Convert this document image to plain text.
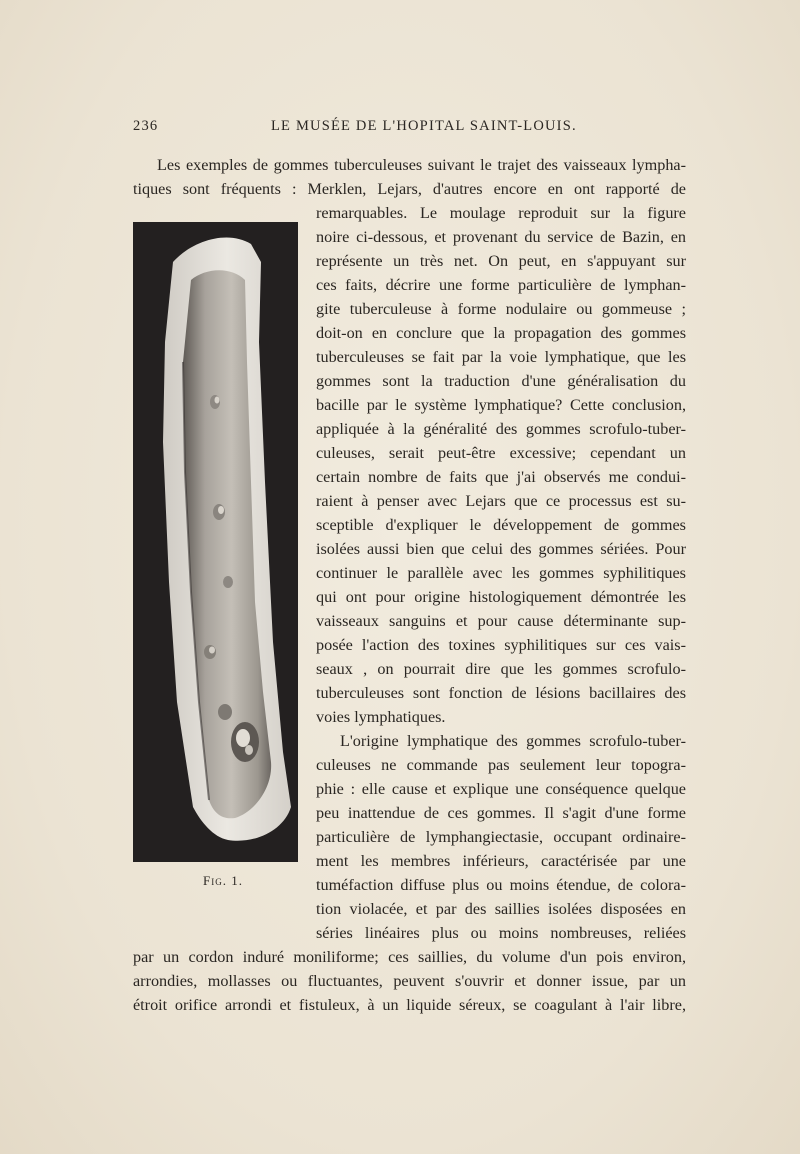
236	LE MUSÉE DE L'HOPITAL SAINT-LOUIS.
Les exemples de gommes tuberculeuses suivant le trajet des vaisseaux lympha-
tiques sont fréquents : Merklen, Lejars, d'autres encore en ont rapporté de
remarquables. Le moulage reproduit sur la figure
noire ci-dessous, et provenant du service de Bazin, en
représente un très net. On peut, en s'appuyant sur
ces faits, décrire une forme particulière de lymphan-
gite tuberculeuse à forme nodulaire ou gommeuse ;
doit-on en conclure que la propagation des gommes
tuberculeuses se fait par la voie lymphatique, que les
gommes sont la traduction d'une généralisation du
bacille par le système lymphatique? Cette conclusion,
appliquée à la généralité des gommes scrofulo-tuber-
culeuses, serait peut-être excessive; cependant un
certain nombre de faits que j'ai observés me condui-
raient à penser avec Lejars que ce processus est su-
sceptible d'expliquer le développement de gommes
isolées aussi bien que celui des gommes sériées. Pour
continuer le parallèle avec les gommes syphilitiques
qui ont pour origine histologiquement démontrée les
vaisseaux sanguins et pour cause déterminante sup-
posée l'action des toxines syphilitiques sur ces vais-
seaux , on pourrait dire que les gommes scrofulo-
tuberculeuses sont fonction de lésions bacillaires des
voies lymphatiques.
L'origine lymphatique des gommes scrofulo-tuber-
culeuses ne commande pas seulement leur topogra-
phie : elle cause et explique une conséquence quelque
peu inattendue de ces gommes. Il s'agit d'une forme
particulière de lymphangiectasie, occupant ordinaire-
ment les membres inférieurs, caractérisée par une
tuméfaction diffuse plus ou moins étendue, de colora-
tion violacée, et par des saillies isolées disposées en
séries linéaires plus ou moins nombreuses, reliées
par un cordon induré moniliforme; ces saillies, du volume d'un pois environ,
arrondies, mollasses ou fluctuantes, peuvent s'ouvrir et donner issue, par un
étroit orifice arrondi et fistuleux, à un liquide séreux, se coagulant à l'air libre,
Fig. 1.
